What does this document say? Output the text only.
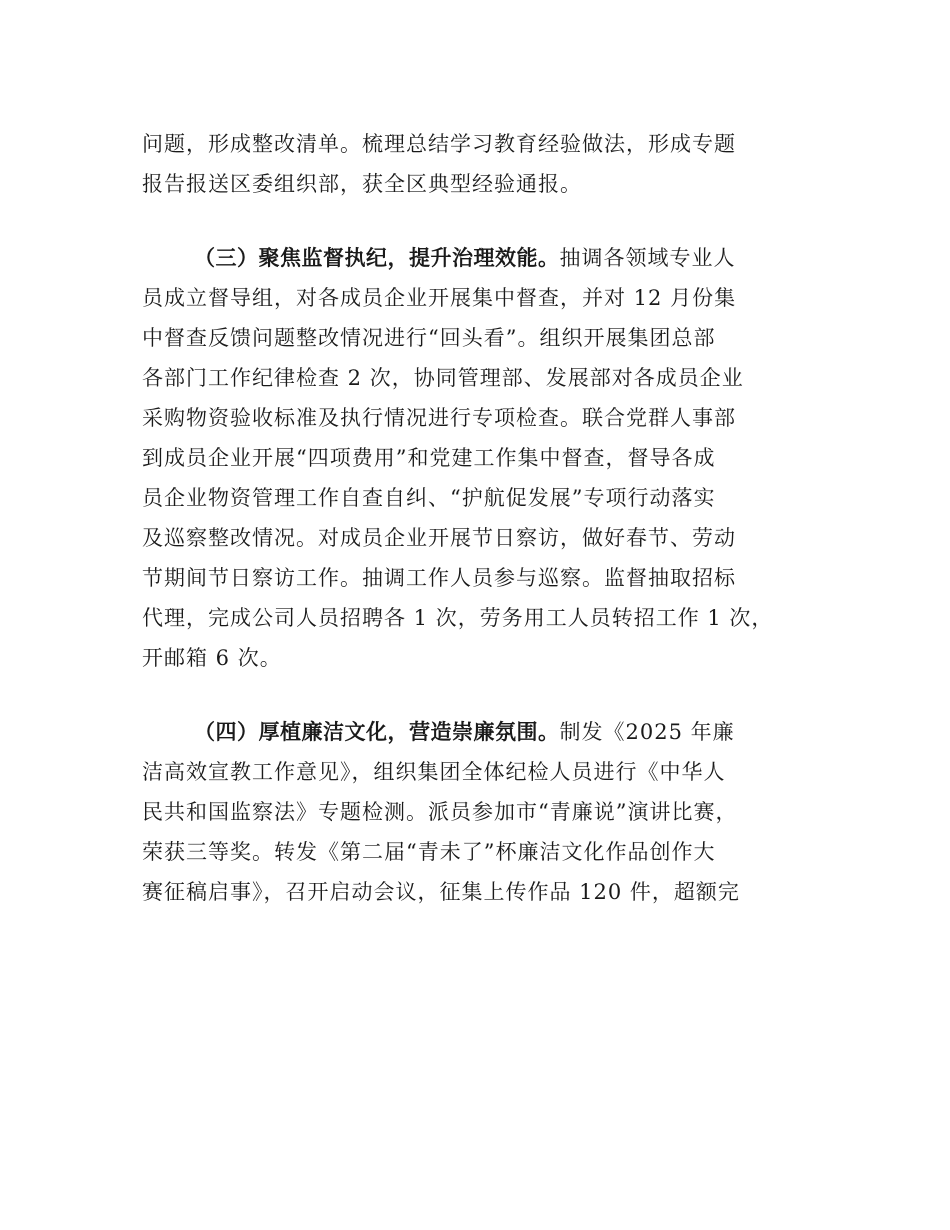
问题，形成整改清单。梳理总结学习教育经验做法，形成专题
报告报送区委组织部，获全区典型经验通报。
（三）聚焦监督执纪，提升治理效能。抽调各领域专业人
员成立督导组，对各成员企业开展集中督查，并对 12 月份集
中督查反馈问题整改情况进行“回头看”。组织开展集团总部
各部门工作纪律检查 2 次，协同管理部、发展部对各成员企业
采购物资验收标准及执行情况进行专项检查。联合党群人事部
到成员企业开展“四项费用”和党建工作集中督查，督导各成
员企业物资管理工作自查自纠、“护航促发展”专项行动落实
及巡察整改情况。对成员企业开展节日察访，做好春节、劳动
节期间节日察访工作。抽调工作人员参与巡察。监督抽取招标
代理，完成公司人员招聘各 1 次，劳务用工人员转招工作 1 次，
开邮箱 6 次。
（四）厚植廉洁文化，营造崇廉氛围。制发《2025 年廉
洁高效宣教工作意见》，组织集团全体纪检人员进行《中华人
民共和国监察法》专题检测。派员参加市“青廉说”演讲比赛，
荣获三等奖。转发《第二届“青未了”杯廉洁文化作品创作大
赛征稿启事》，召开启动会议，征集上传作品 120 件，超额完
